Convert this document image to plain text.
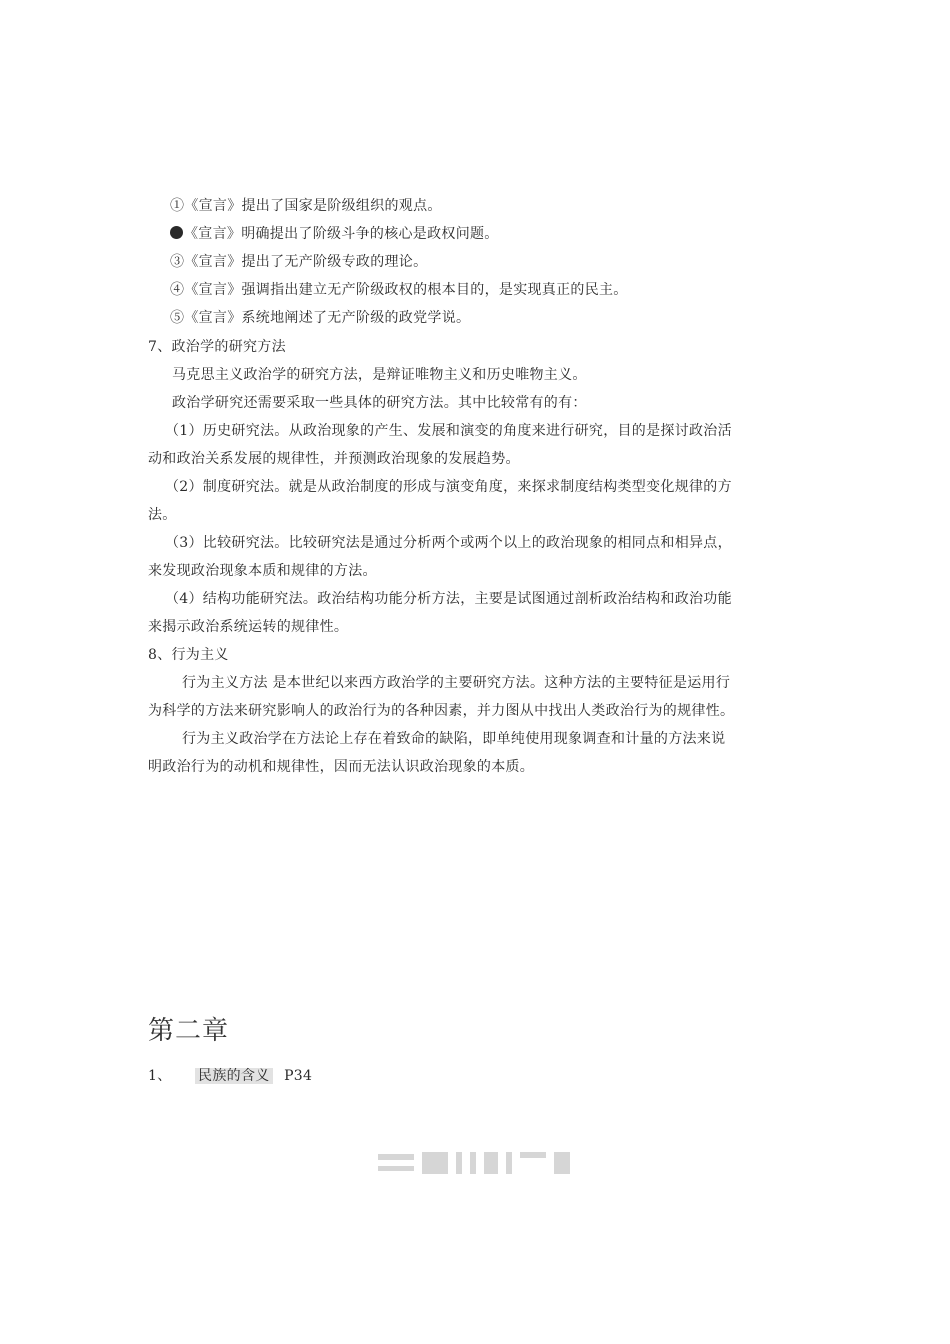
①《宣言》提出了国家是阶级组织的观点。
《宣言》明确提出了阶级斗争的核心是政权问题。
③《宣言》提出了无产阶级专政的理论。
④《宣言》强调指出建立无产阶级政权的根本目的，是实现真正的民主。
⑤《宣言》系统地阐述了无产阶级的政党学说。
7、政治学的研究方法
马克思主义政治学的研究方法，是辩证唯物主义和历史唯物主义。
政治学研究还需要采取一些具体的研究方法。其中比较常有的有：
（1）历史研究法。从政治现象的产生、发展和演变的角度来进行研究，目的是探讨政治活
动和政治关系发展的规律性，并预测政治现象的发展趋势。
（2）制度研究法。就是从政治制度的形成与演变角度，来探求制度结构类型变化规律的方
法。
（3）比较研究法。比较研究法是通过分析两个或两个以上的政治现象的相同点和相异点，
来发现政治现象本质和规律的方法。
（4）结构功能研究法。政治结构功能分析方法，主要是试图通过剖析政治结构和政治功能
来揭示政治系统运转的规律性。
8、行为主义
行为主义方法 是本世纪以来西方政治学的主要研究方法。这种方法的主要特征是运用行
为科学的方法来研究影响人的政治行为的各种因素，并力图从中找出人类政治行为的规律性。
行为主义政治学在方法论上存在着致命的缺陷，即单纯使用现象调查和计量的方法来说
明政治行为的动机和规律性，因而无法认识政治现象的本质。
第二章
1、 民族的含义 P34
